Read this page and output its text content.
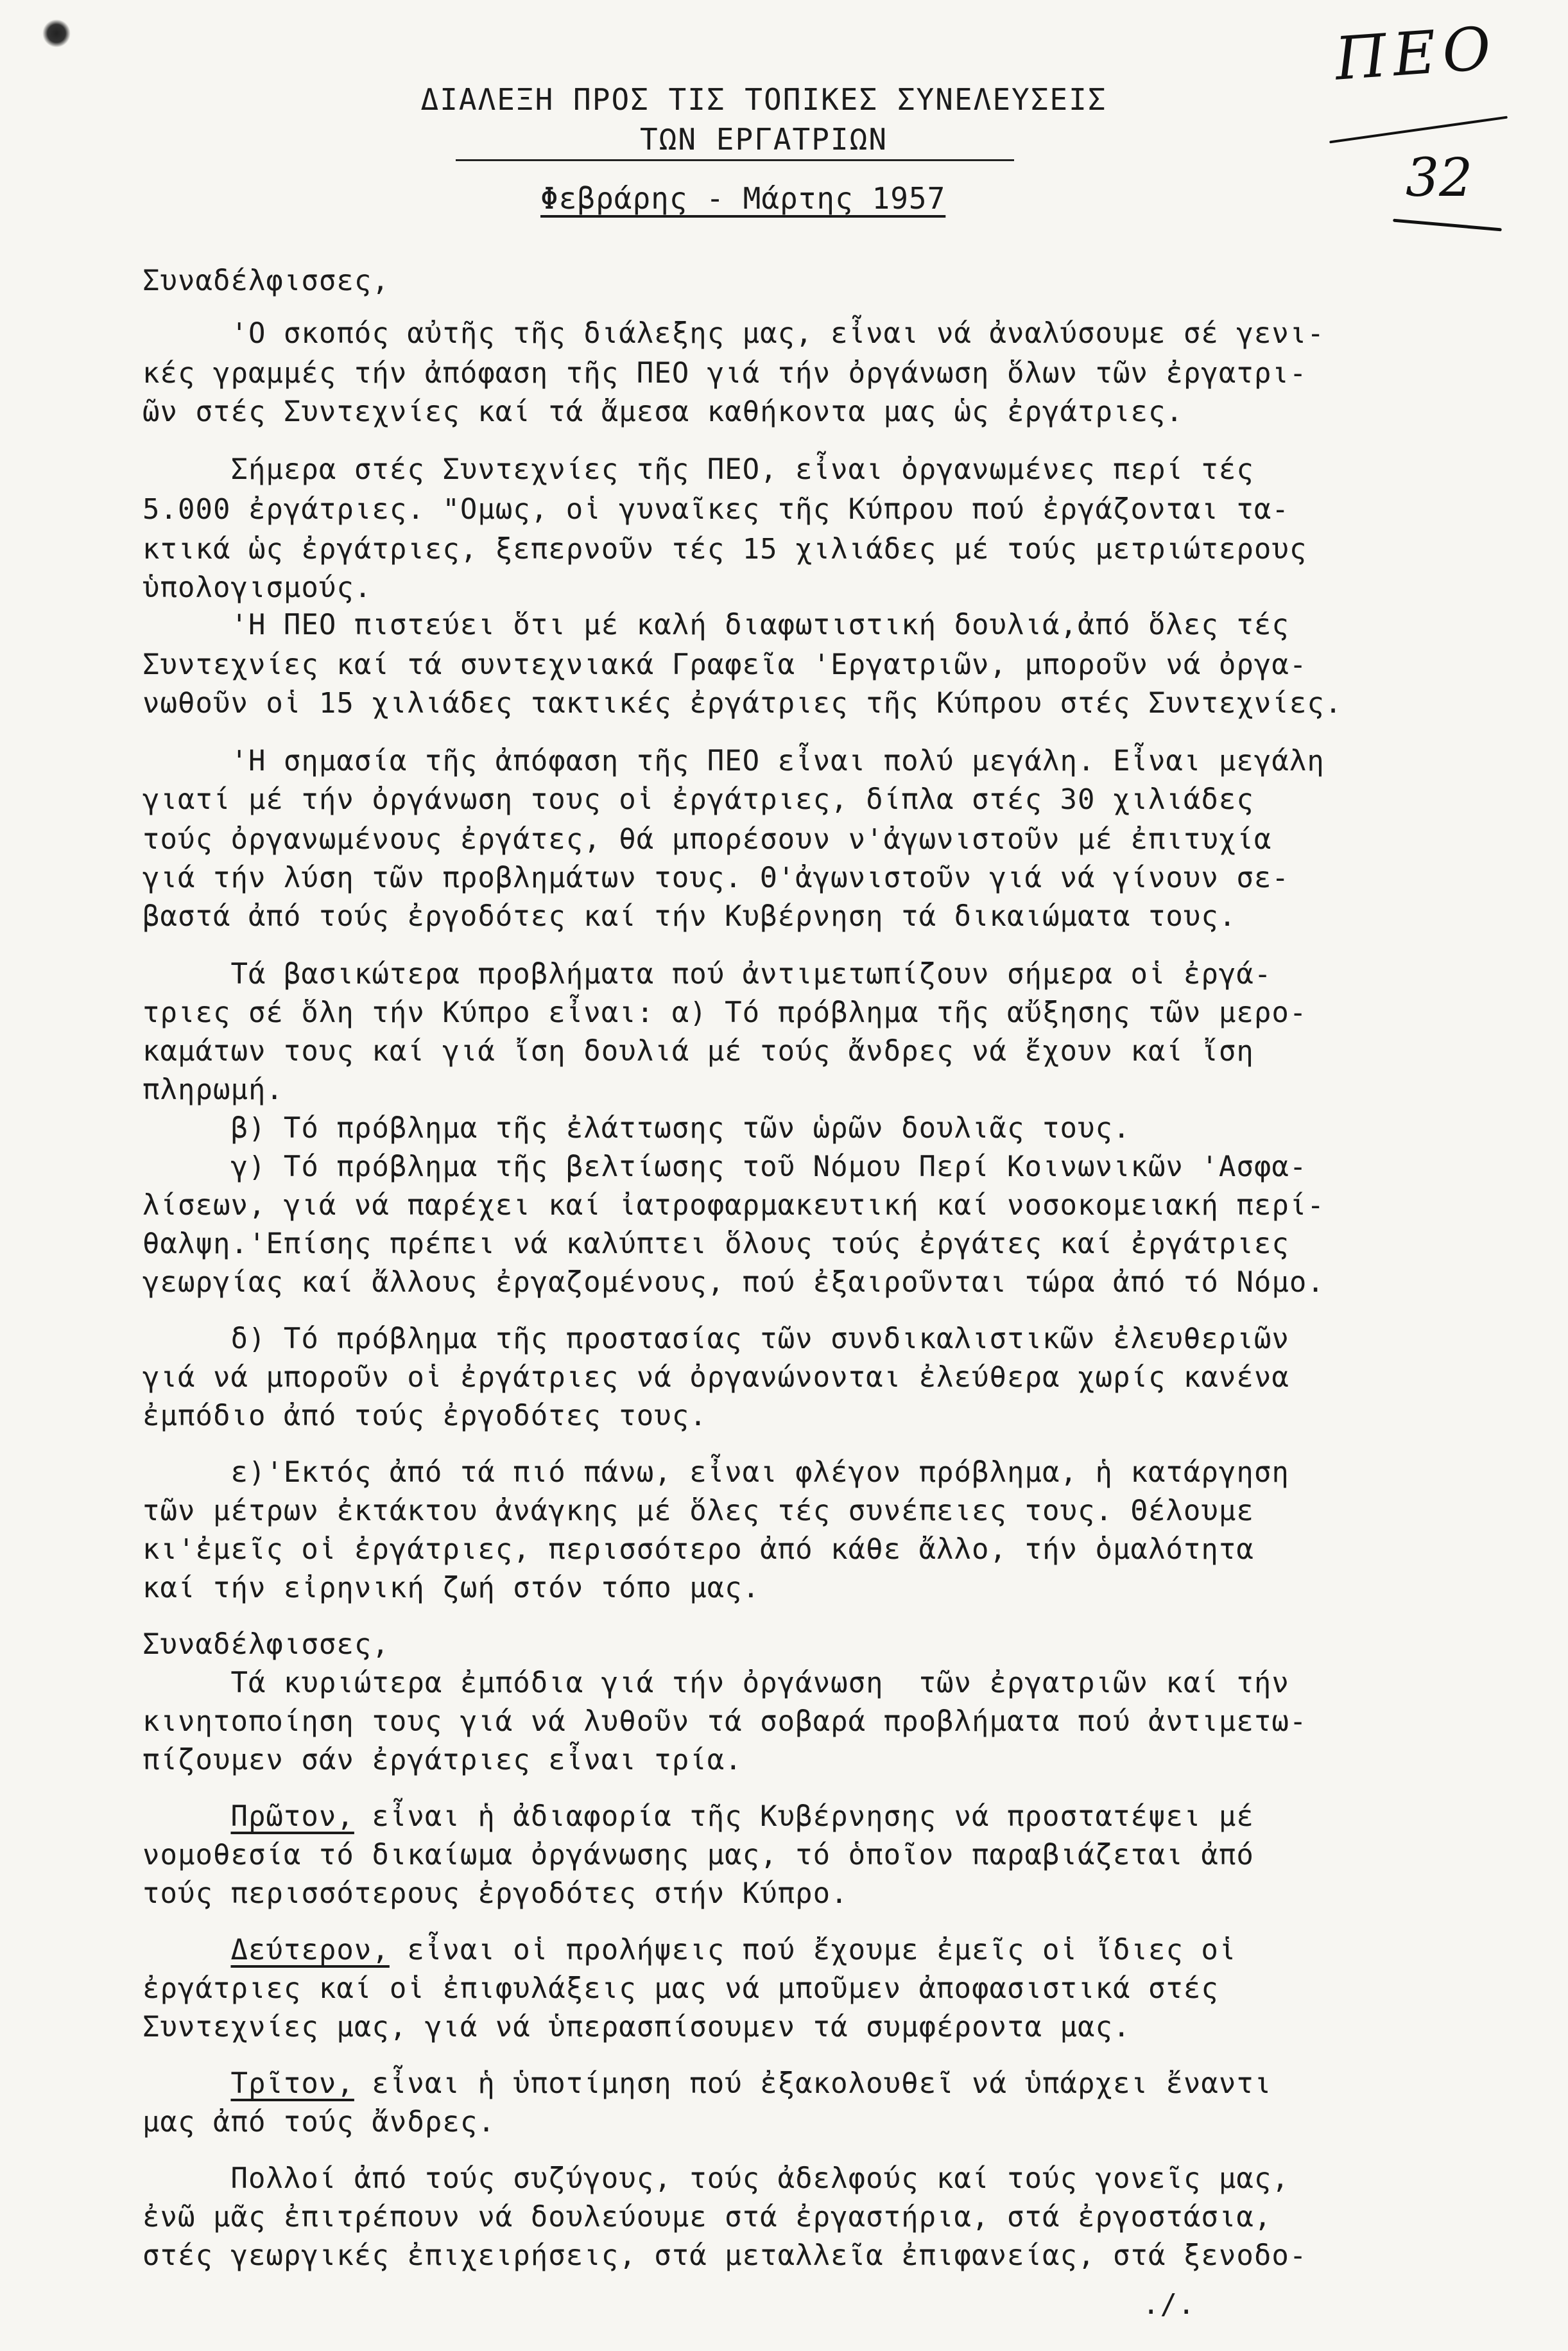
ΔΙΑΛΕΞΗ ΠΡΟΣ ΤΙΣ ΤΟΠΙΚΕΣ ΣΥΝΕΛΕΥΣΕΙΣ
ΤΩΝ ΕΡΓΑΤΡΙΩΝ
Φεβράρης - Μάρτης 1957
ΠΕΟ
32
Συναδέλφισσες,
'Ο σκοπός αὐτῆς τῆς διάλεξης μας, εἶναι νά ἀναλύσουμε σέ γενι-
κές γραμμές τήν ἀπόφαση τῆς ΠΕΟ γιά τήν ὀργάνωση ὅλων τῶν ἐργατρι-
ῶν στές Συντεχνίες καί τά ἄμεσα καθήκοντα μας ὡς ἐργάτριες.
Σήμερα στές Συντεχνίες τῆς ΠΕΟ, εἶναι ὀργανωμένες περί τές
5.000 ἐργάτριες. "Ομως, οἱ γυναῖκες τῆς Κύπρου πού ἐργάζονται τα-
κτικά ὡς ἐργάτριες, ξεπερνοῦν τές 15 χιλιάδες μέ τούς μετριώτερους
ὑπολογισμούς.
'Η ΠΕΟ πιστεύει ὅτι μέ καλή διαφωτιστική δουλιά,ἀπό ὅλες τές
Συντεχνίες καί τά συντεχνιακά Γραφεῖα 'Εργατριῶν, μποροῦν νά ὀργα-
νωθοῦν οἱ 15 χιλιάδες τακτικές ἐργάτριες τῆς Κύπρου στές Συντεχνίες.
'Η σημασία τῆς ἀπόφαση τῆς ΠΕΟ εἶναι πολύ μεγάλη. Εἶναι μεγάλη
γιατί μέ τήν ὀργάνωση τους οἱ ἐργάτριες, δίπλα στές 30 χιλιάδες
τούς ὀργανωμένους ἐργάτες, θά μπορέσουν ν'ἀγωνιστοῦν μέ ἐπιτυχία
γιά τήν λύση τῶν προβλημάτων τους. Θ'ἀγωνιστοῦν γιά νά γίνουν σε-
βαστά ἀπό τούς ἐργοδότες καί τήν Κυβέρνηση τά δικαιώματα τους.
Τά βασικώτερα προβλήματα πού ἀντιμετωπίζουν σήμερα οἱ ἐργά-
τριες σέ ὅλη τήν Κύπρο εἶναι: α) Τό πρόβλημα τῆς αὔξησης τῶν μερο-
καμάτων τους καί γιά ἴση δουλιά μέ τούς ἄνδρες νά ἔχουν καί ἴση
πληρωμή.
β) Τό πρόβλημα τῆς ἐλάττωσης τῶν ὡρῶν δουλιᾶς τους.
γ) Τό πρόβλημα τῆς βελτίωσης τοῦ Νόμου Περί Κοινωνικῶν 'Ασφα-
λίσεων, γιά νά παρέχει καί ἰατροφαρμακευτική καί νοσοκομειακή περί-
θαλψη.'Επίσης πρέπει νά καλύπτει ὅλους τούς ἐργάτες καί ἐργάτριες
γεωργίας καί ἄλλους ἐργαζομένους, πού ἐξαιροῦνται τώρα ἀπό τό Νόμο.
δ) Τό πρόβλημα τῆς προστασίας τῶν συνδικαλιστικῶν ἐλευθεριῶν
γιά νά μποροῦν οἱ ἐργάτριες νά ὀργανώνονται ἐλεύθερα χωρίς κανένα
ἐμπόδιο ἀπό τούς ἐργοδότες τους.
ε)'Εκτός ἀπό τά πιό πάνω, εἶναι φλέγον πρόβλημα, ἡ κατάργηση
τῶν μέτρων ἐκτάκτου ἀνάγκης μέ ὅλες τές συνέπειες τους. Θέλουμε
κι'ἐμεῖς οἱ ἐργάτριες, περισσότερο ἀπό κάθε ἄλλο, τήν ὁμαλότητα
καί τήν εἰρηνική ζωή στόν τόπο μας.
Συναδέλφισσες,
Τά κυριώτερα ἐμπόδια γιά τήν ὀργάνωση  τῶν ἐργατριῶν καί τήν
κινητοποίηση τους γιά νά λυθοῦν τά σοβαρά προβλήματα πού ἀντιμετω-
πίζουμεν σάν ἐργάτριες εἶναι τρία.
Πρῶτον, εἶναι ἡ ἀδιαφορία τῆς Κυβέρνησης νά προστατέψει μέ
νομοθεσία τό δικαίωμα ὀργάνωσης μας, τό ὁποῖον παραβιάζεται ἀπό
τούς περισσότερους ἐργοδότες στήν Κύπρο.
Δεύτερον, εἶναι οἱ προλήψεις πού ἔχουμε ἐμεῖς οἱ ἴδιες οἱ
ἐργάτριες καί οἱ ἐπιφυλάξεις μας νά μποῦμεν ἀποφασιστικά στές
Συντεχνίες μας, γιά νά ὑπερασπίσουμεν τά συμφέροντα μας.
Τρῖτον, εἶναι ἡ ὑποτίμηση πού ἐξακολουθεῖ νά ὑπάρχει ἔναντι
μας ἀπό τούς ἄνδρες.
Πολλοί ἀπό τούς συζύγους, τούς ἀδελφούς καί τούς γονεῖς μας,
ἐνῶ μᾶς ἐπιτρέπουν νά δουλεύουμε στά ἐργαστήρια, στά ἐργοστάσια,
στές γεωργικές ἐπιχειρήσεις, στά μεταλλεῖα ἐπιφανείας, στά ξενοδο-
./.
